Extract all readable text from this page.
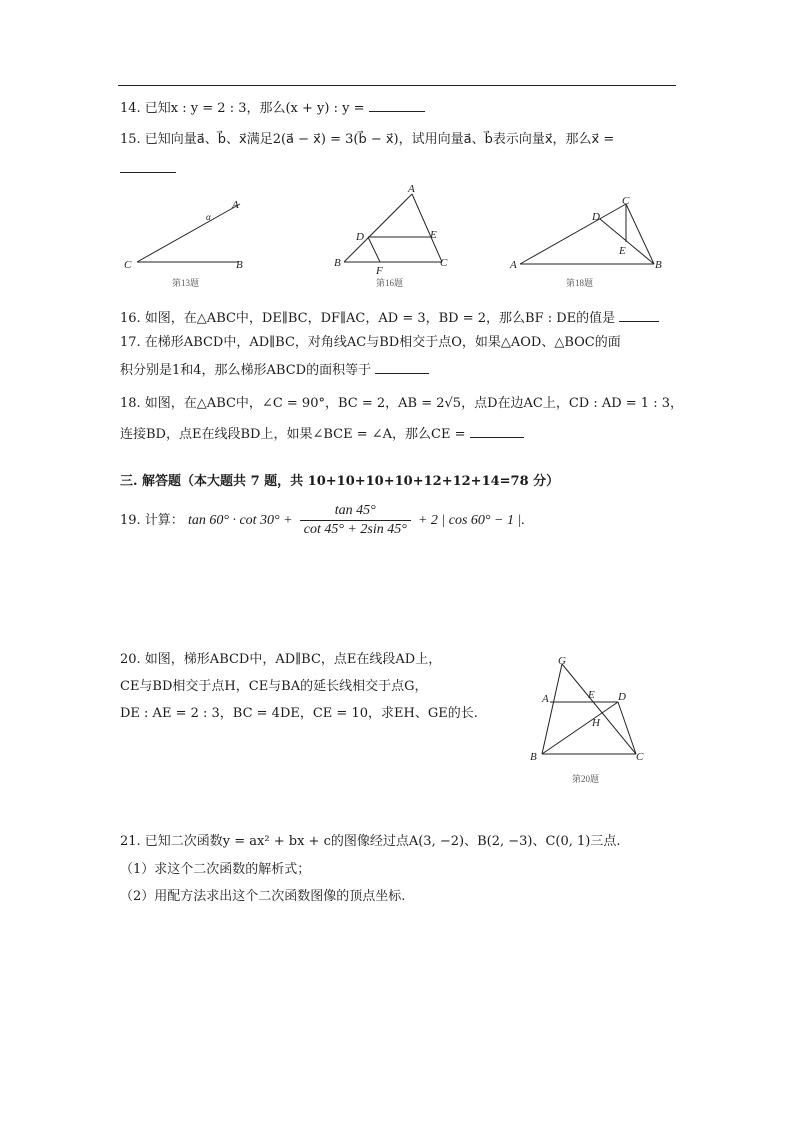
14. 已知x : y = 2 : 3，那么(x + y) : y =
15. 已知向量a⃗、b⃗、x⃗满足2(a⃗ − x⃗) = 3(b⃗ − x⃗)，试用向量a⃗、b⃗表示向量x⃗，那么x⃗ =
C	B
A
α
第13题
A
B	C
D	E
F
第16题
C
A	B
D
E
第18题
16. 如图，在△ABC中，DE∥BC，DF∥AC，AD = 3，BD = 2，那么BF : DE的值是
17. 在梯形ABCD中，AD∥BC，对角线AC与BD相交于点O，如果△AOD、△BOC的面
积分别是1和4，那么梯形ABCD的面积等于
18. 如图，在△ABC中，∠C = 90°，BC = 2，AB = 2√5，点D在边AC上，CD : AD = 1 : 3，
连接BD，点E在线段BD上，如果∠BCE = ∠A，那么CE =
三. 解答题（本大题共 7 题，共 10+10+10+10+12+12+14=78 分）
19. 计算： $\tan 60^\circ \cdot \cot 30^\circ + \frac{\tan 45^\circ}{\cot 45^\circ + 2\sin 45^\circ} + 2$ | cos 60° − 1 |.
20. 如图，梯形ABCD中，AD∥BC，点E在线段AD上，
CE与BD相交于点H，CE与BA的延长线相交于点G，
DE : AE = 2 : 3，BC = 4DE，CE = 10，求EH、GE的长.
G
A	E D
H
B	C
第20题
21. 已知二次函数y = ax² + bx + c的图像经过点A(3, −2)、B(2, −3)、C(0, 1)三点.
（1）求这个二次函数的解析式；
（2）用配方法求出这个二次函数图像的顶点坐标.
